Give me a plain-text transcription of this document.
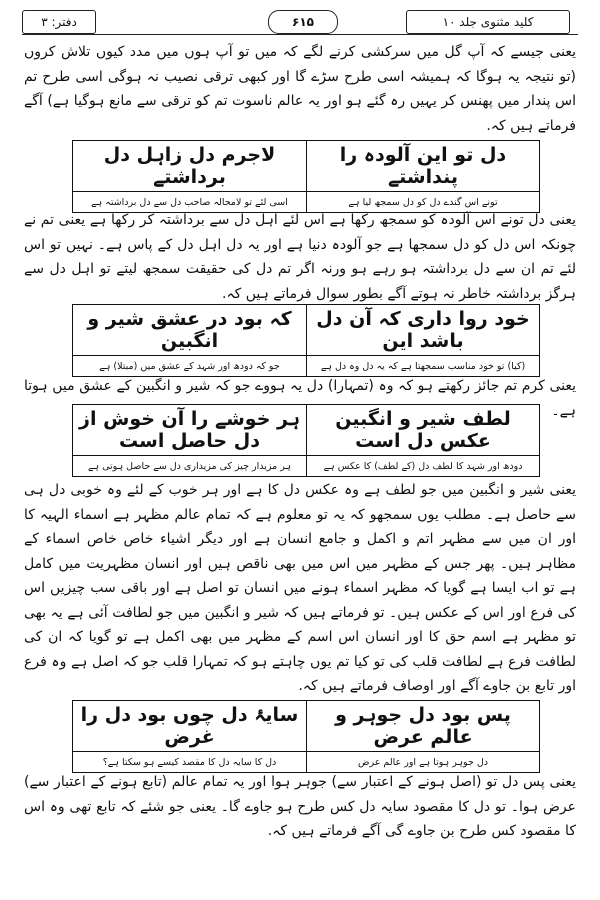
کلید مثنوی جلد ۱۰
۶۱۵
دفتر: ۳
یعنی جیسے کہ آپ گل میں سرکشی کرنے لگے کہ میں تو آپ ہوں میں مدد کیوں تلاش کروں (تو نتیجہ یہ ہوگا کہ ہمیشہ اسی طرح سڑے گا اور کبھی ترقی نصیب نہ ہوگی اسی طرح تم اس پندار میں پھنس کر یہیں رہ گئے ہو اور یہ عالم ناسوت تم کو ترقی سے مانع ہوگیا ہے) آگے فرماتے ہیں کہ.
دل تو این آلودہ را پنداشتے
لاجرم دل زاہل دل برداشتے
تونے اس گندے دل کو دل سمجھ لیا ہے
اسی لئے تو لامحالہ صاحب دل سے دل برداشتہ ہے
یعنی دل تونے اس آلودہ کو سمجھ رکھا ہے اس لئے اہل دل سے برداشتہ کر رکھا ہے یعنی تم نے چونکہ اس دل کو دل سمجھا ہے جو آلودہ دنیا ہے اور یہ دل اہل دل کے پاس ہے۔ نہیں تو اس لئے تم ان سے دل برداشتہ ہو رہے ہو ورنہ اگر تم دل کی حقیقت سمجھ لیتے تو اہل دل سے ہرگز برداشتہ خاطر نہ ہوتے آگے بطور سوال فرماتے ہیں کہ.
خود روا داری کہ آن دل باشد این
کہ بود در عشق شیر و انگبین
(کیا) تو خود مناسب سمجھتا ہے کہ یہ دل وہ دل ہے
جو کہ دودھ اور شہد کے عشق میں (مبتلا) ہے
یعنی کرم تم جائز رکھتے ہو کہ وہ (تمہارا) دل یہ ہووے جو کہ شیر و انگبین کے عشق میں ہوتا ہے۔
لطف شیر و انگبین عکس دل است
ہر خوشے را آن خوش از دل حاصل است
دودھ اور شہد کا لطف دل (کے لطف) کا عکس ہے
ہر مزیدار چیز کی مزیداری دل سے حاصل ہوتی ہے
یعنی شیر و انگبین میں جو لطف ہے وہ عکس دل کا ہے اور ہر خوب کے لئے وہ خوبی دل ہی سے حاصل ہے۔ مطلب یوں سمجھو کہ یہ تو معلوم ہے کہ تمام عالم مظہر ہے اسماء الہیہ کا اور ان میں سے مظہر اتم و اکمل و جامع انسان ہے اور دیگر اشیاء خاص خاص اسماء کے مظاہر ہیں۔ پھر جس کے مظہر میں اس میں بھی ناقص ہیں اور انسان مظہریت میں کامل ہے تو اب ایسا ہے گویا کہ مظہر اسماء ہونے میں انسان تو اصل ہے اور باقی سب چیزیں اس کی فرع اور اس کے عکس ہیں۔ تو فرماتے ہیں کہ شیر و انگبین میں جو لطافت آئی ہے یہ بھی تو مظہر ہے اسم حق کا اور انسان اس اسم کے مظہر میں بھی اکمل ہے تو گویا کہ ان کی لطافت فرع ہے لطافت قلب کی تو کیا تم یوں چاہتے ہو کہ تمہارا قلب جو کہ اصل ہے وہ فرع اور تابع بن جاوے آگے اور اوصاف فرماتے ہیں کہ.
پس بود دل جوہر و عالم عرض
سایۂ دل چوں بود دل را غرض
دل جوہر ہوتا ہے اور عالم عرض
دل کا سایہ دل کا مقصد کیسے ہو سکتا ہے؟
یعنی پس دل تو (اصل ہونے کے اعتبار سے) جوہر ہوا اور یہ تمام عالم (تابع ہونے کے اعتبار سے) عرض ہوا۔ تو دل کا مقصود سایہ دل کس طرح ہو جاوے گا۔ یعنی جو شئے کہ تابع تھی وہ اس کا مقصود کس طرح بن جاوے گی آگے فرماتے ہیں کہ.
